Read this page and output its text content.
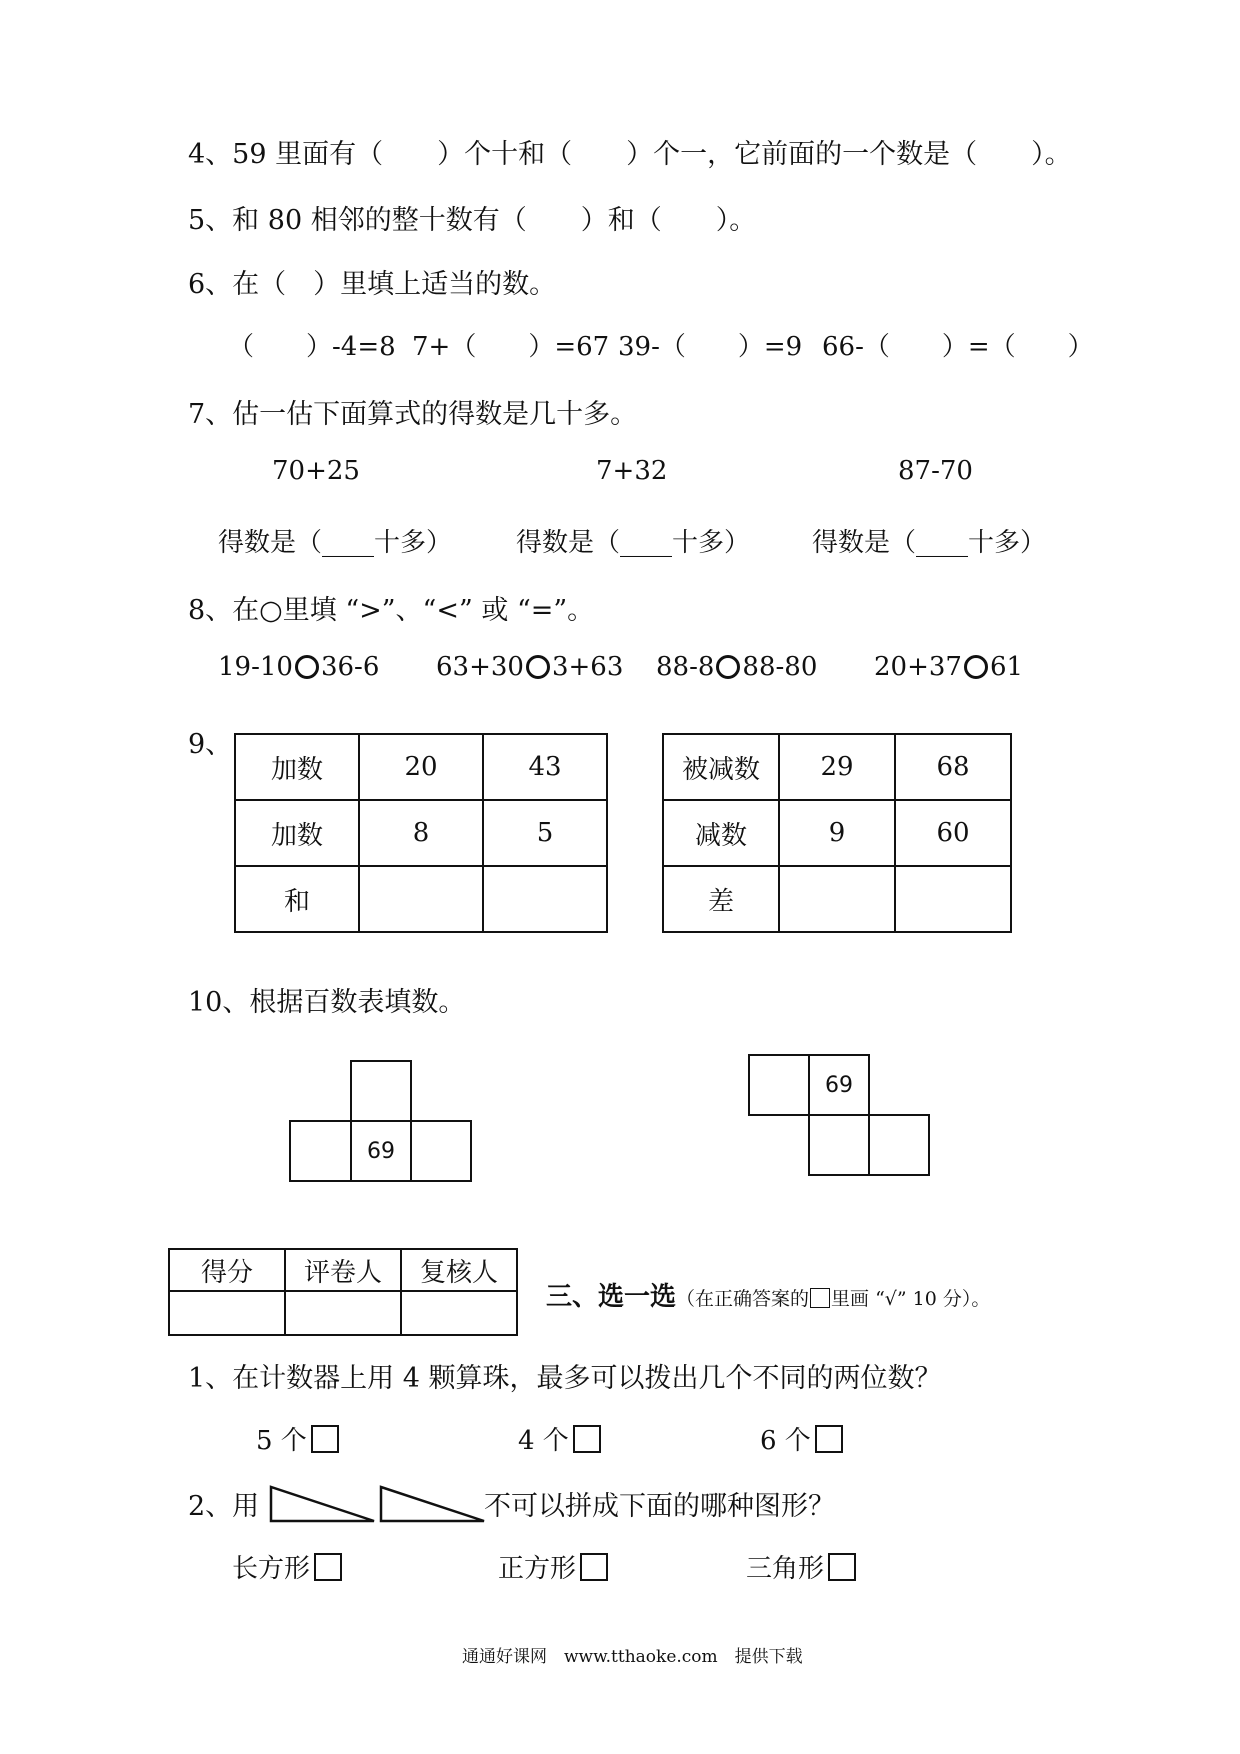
4、59 里面有（　　）个十和（　　）个一，它前面的一个数是（　　）。
5、和 80 相邻的整十数有（　　）和（　　）。
6、在（　）里填上适当的数。
（　　）-4=8 7+（　　）=67 39-（　　）=9 66-（　　）=（　　）
7、估一估下面算式的得数是几十多。
70+25	7+32	87-70
得数是（____十多） 得数是（____十多） 得数是（____十多）
8、在○里填 “>”、“<” 或 “=”。
19-10 36-6 63+30 3+63 88-8 88-80 20+37 61
9、
加数	20	43
加数	8	5
和		
被减数	29	68
减数	9	60
差		
10、根据百数表填数。
69
69
得分	评卷人	复核人

三、选一选（在正确答案的 里画 “√” 10 分）。
1、在计数器上用 4 颗算珠，最多可以拨出几个不同的两位数？
5 个	4 个	6 个
2、用	不可以拼成下面的哪种图形？
长方形	正方形	三角形
通通好课网　www.tthaoke.com　提供下载
